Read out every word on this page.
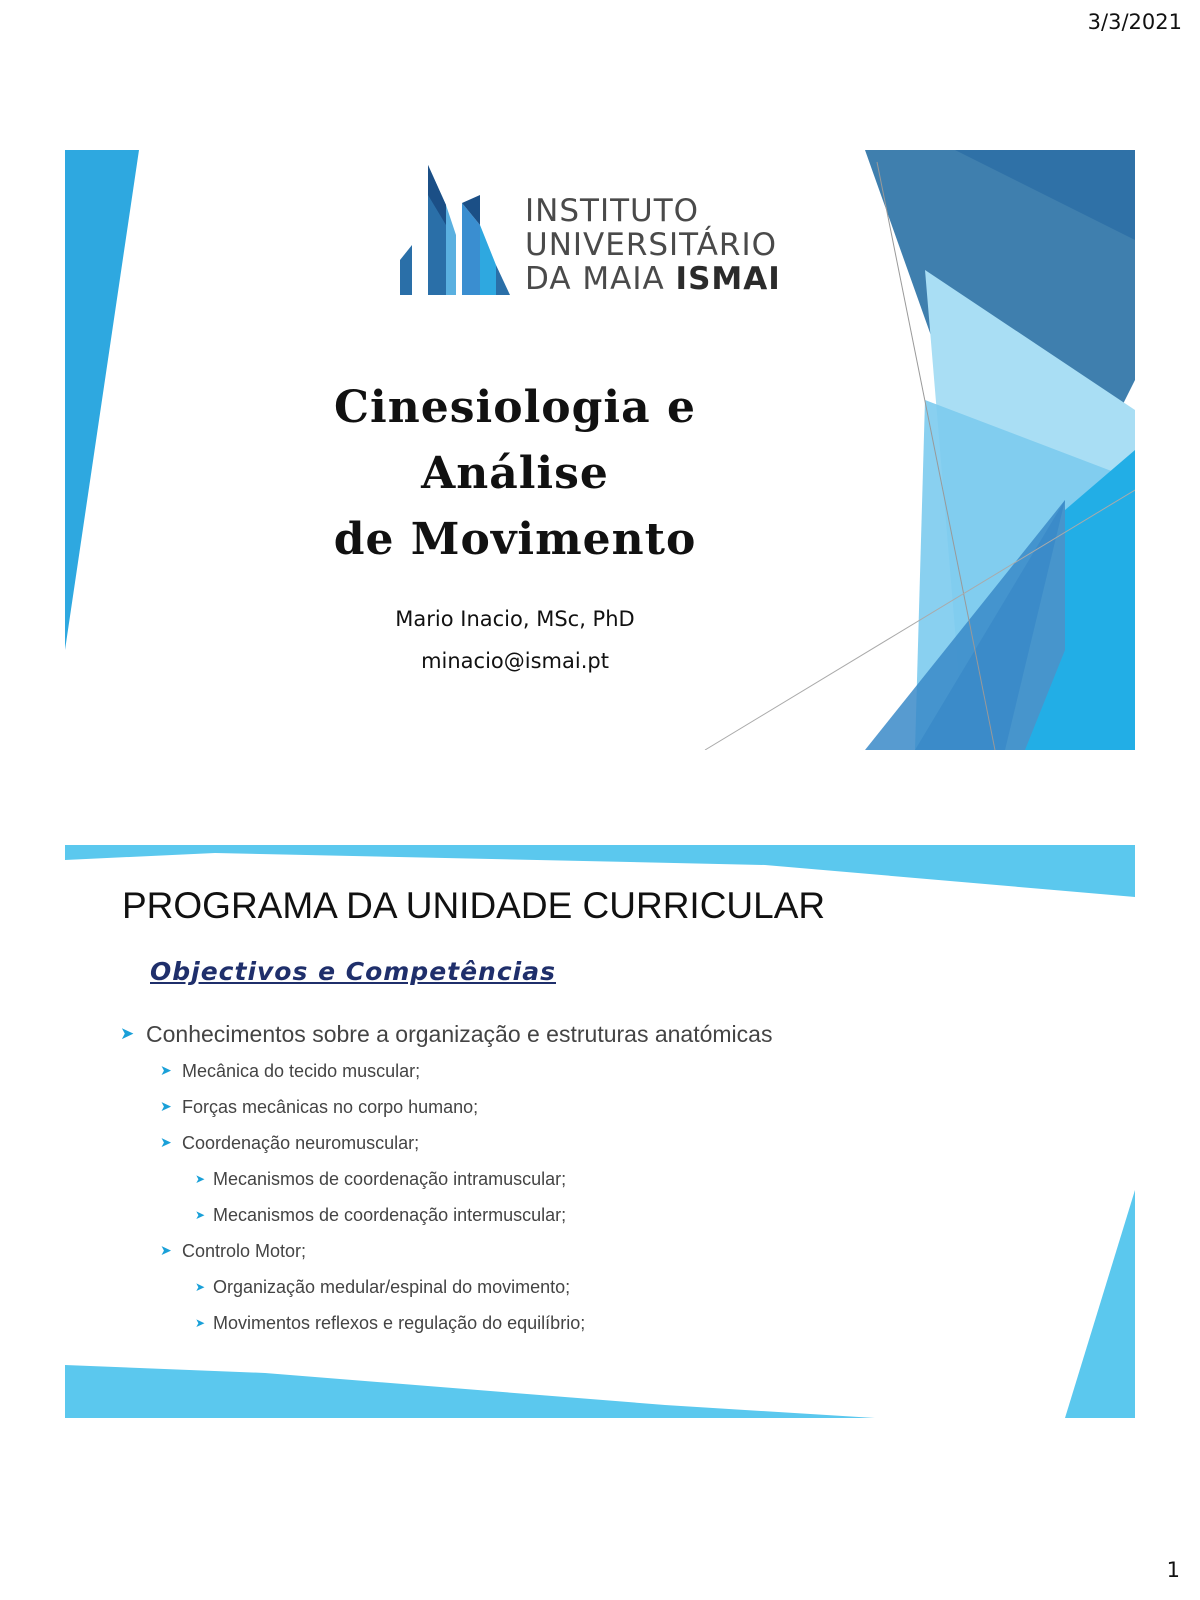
3/3/2021
INSTITUTO
UNIVERSITÁRIO
DA MAIA ISMAI
Cinesiologia e Análise
de Movimento
Mario Inacio, MSc, PhD
minacio@ismai.pt
PROGRAMA DA UNIDADE CURRICULAR
Objectivos e Competências
➤ Conhecimentos sobre a organização e estruturas anatómicas
➤ Mecânica do tecido muscular;
➤ Forças mecânicas no corpo humano;
➤ Coordenação neuromuscular;
➤ Mecanismos de coordenação intramuscular;
➤ Mecanismos de coordenação intermuscular;
➤ Controlo Motor;
➤ Organização medular/espinal do movimento;
➤ Movimentos reflexos e regulação do equilíbrio;
1
